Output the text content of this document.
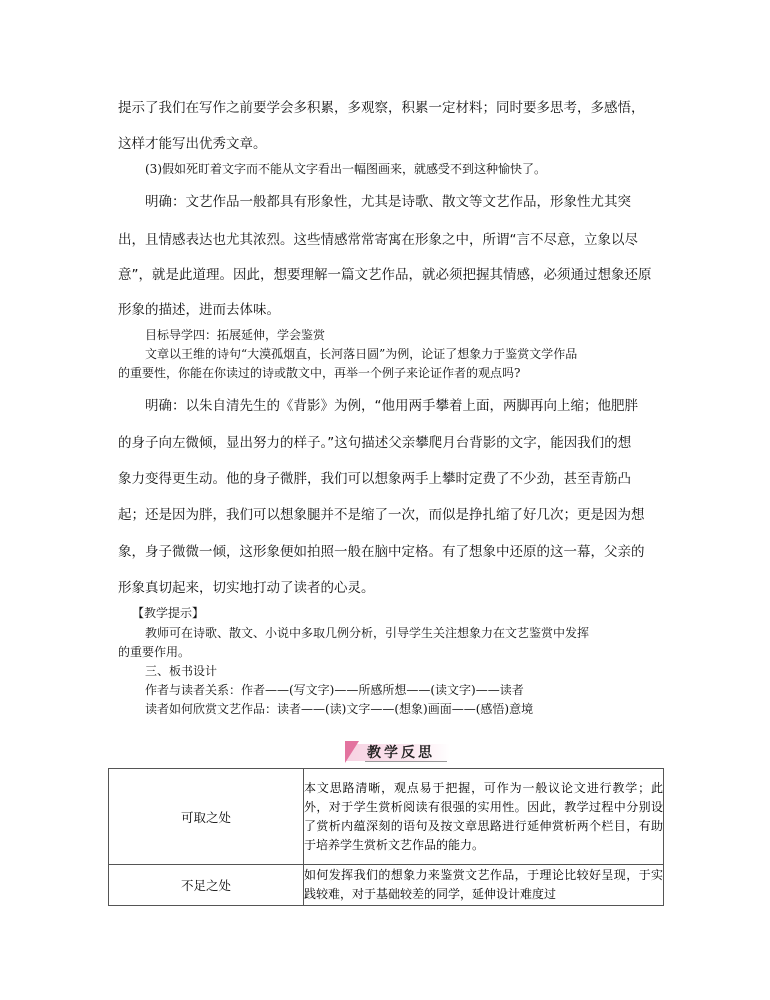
提示了我们在写作之前要学会多积累，多观察，积累一定材料；同时要多思考，多感悟，
这样才能写出优秀文章。
(3)假如死盯着文字而不能从文字看出一幅图画来，就感受不到这种愉快了。
明确：文艺作品一般都具有形象性，尤其是诗歌、散文等文艺作品，形象性尤其突
出，且情感表达也尤其浓烈。这些情感常常寄寓在形象之中，所谓“言不尽意，立象以尽
意”，就是此道理。因此，想要理解一篇文艺作品，就必须把握其情感，必须通过想象还原
形象的描述，进而去体味。
目标导学四：拓展延伸，学会鉴赏
文章以王维的诗句“大漠孤烟直，长河落日圆”为例，论证了想象力于鉴赏文学作品
的重要性，你能在你读过的诗或散文中，再举一个例子来论证作者的观点吗?
明确：以朱自清先生的《背影》为例，“他用两手攀着上面，两脚再向上缩；他肥胖
的身子向左微倾，显出努力的样子。”这句描述父亲攀爬月台背影的文字，能因我们的想
象力变得更生动。他的身子微胖，我们可以想象两手上攀时定费了不少劲，甚至青筋凸
起；还是因为胖，我们可以想象腿并不是缩了一次，而似是挣扎缩了好几次；更是因为想
象，身子微微一倾，这形象便如拍照一般在脑中定格。有了想象中还原的这一幕，父亲的
形象真切起来，切实地打动了读者的心灵。
【教学提示】
教师可在诗歌、散文、小说中多取几例分析，引导学生关注想象力在文艺鉴赏中发挥
的重要作用。
三、板书设计
作者与读者关系：作者——(写文字)——所感所想——(读文字)——读者
读者如何欣赏文艺作品：读者——(读)文字——(想象)画面——(感悟)意境
教学反思
可取之处	本文思路清晰，观点易于把握，可作为一般议论文进行教学；此外，对于学生赏析阅读有很强的实用性。因此，教学过程中分别设了赏析内蕴深刻的语句及按文章思路进行延伸赏析两个栏目，有助于培养学生赏析文艺作品的能力。
不足之处	如何发挥我们的想象力来鉴赏文艺作品，于理论比较好呈现，于实践较难，对于基础较差的同学，延伸设计难度过
